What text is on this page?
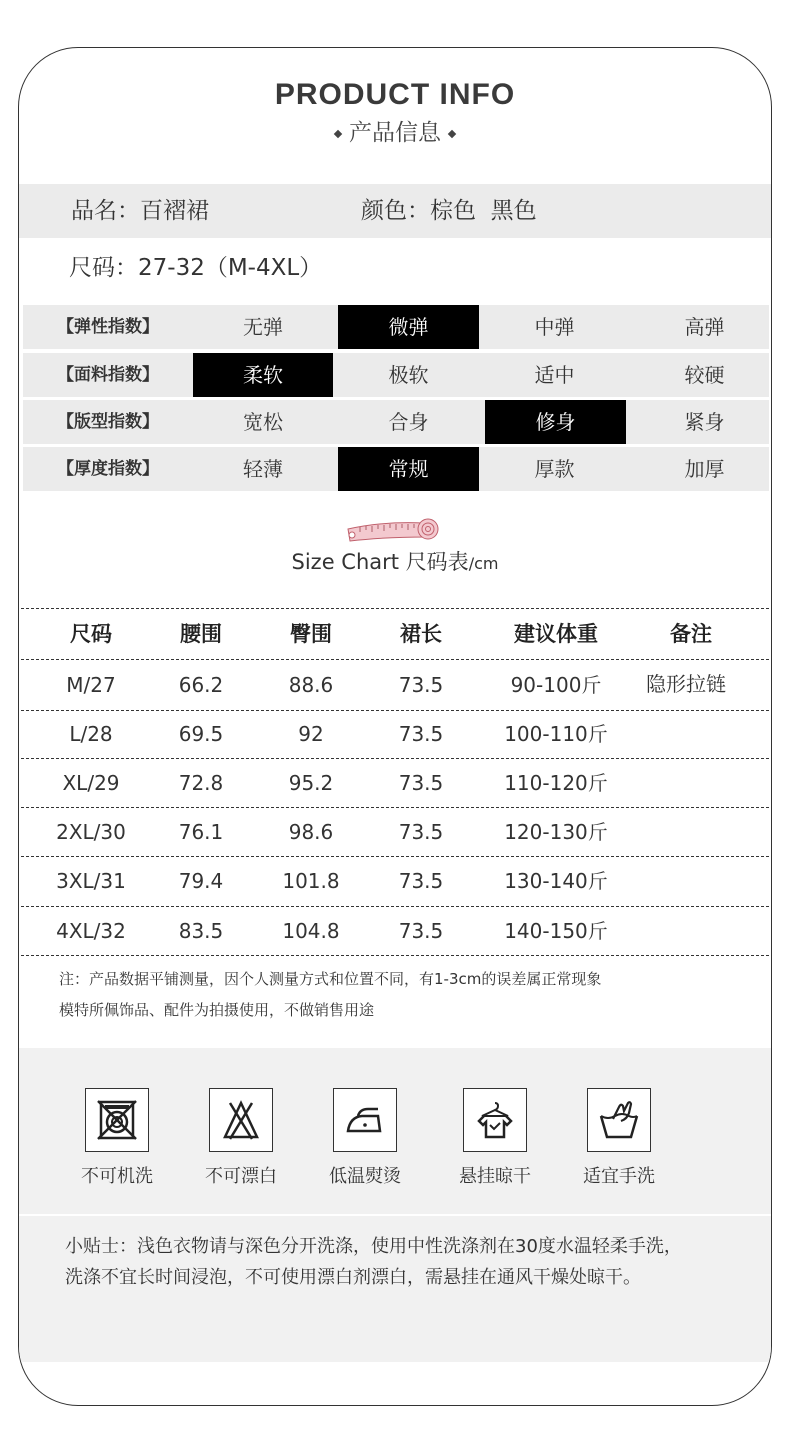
PRODUCT INFO
产品信息
品名：百褶裙	颜色：棕色  黑色
尺码：27-32（M-4XL）
【弹性指数】	无弹	微弹	中弹	高弹
【面料指数】	柔软	极软	适中	较硬
【版型指数】	宽松	合身	修身	紧身
【厚度指数】	轻薄	常规	厚款	加厚
Size Chart 尺码表/cm
尺码	腰围	臀围	裙长	建议体重	备注
M/27	66.2	88.6	73.5	90-100斤	隐形拉链
L/28	69.5	92	73.5	100-110斤
XL/29	72.8	95.2	73.5	110-120斤
2XL/30	76.1	98.6	73.5	120-130斤
3XL/31	79.4	101.8	73.5	130-140斤
4XL/32	83.5	104.8	73.5	140-150斤
注：产品数据平铺测量，因个人测量方式和位置不同，有1-3cm的误差属正常现象
模特所佩饰品、配件为拍摄使用，不做销售用途
不可机洗	不可漂白	低温熨烫	悬挂晾干	适宜手洗
小贴士：浅色衣物请与深色分开洗涤，使用中性洗涤剂在30度水温轻柔手洗，
洗涤不宜长时间浸泡，不可使用漂白剂漂白，需悬挂在通风干燥处晾干。
